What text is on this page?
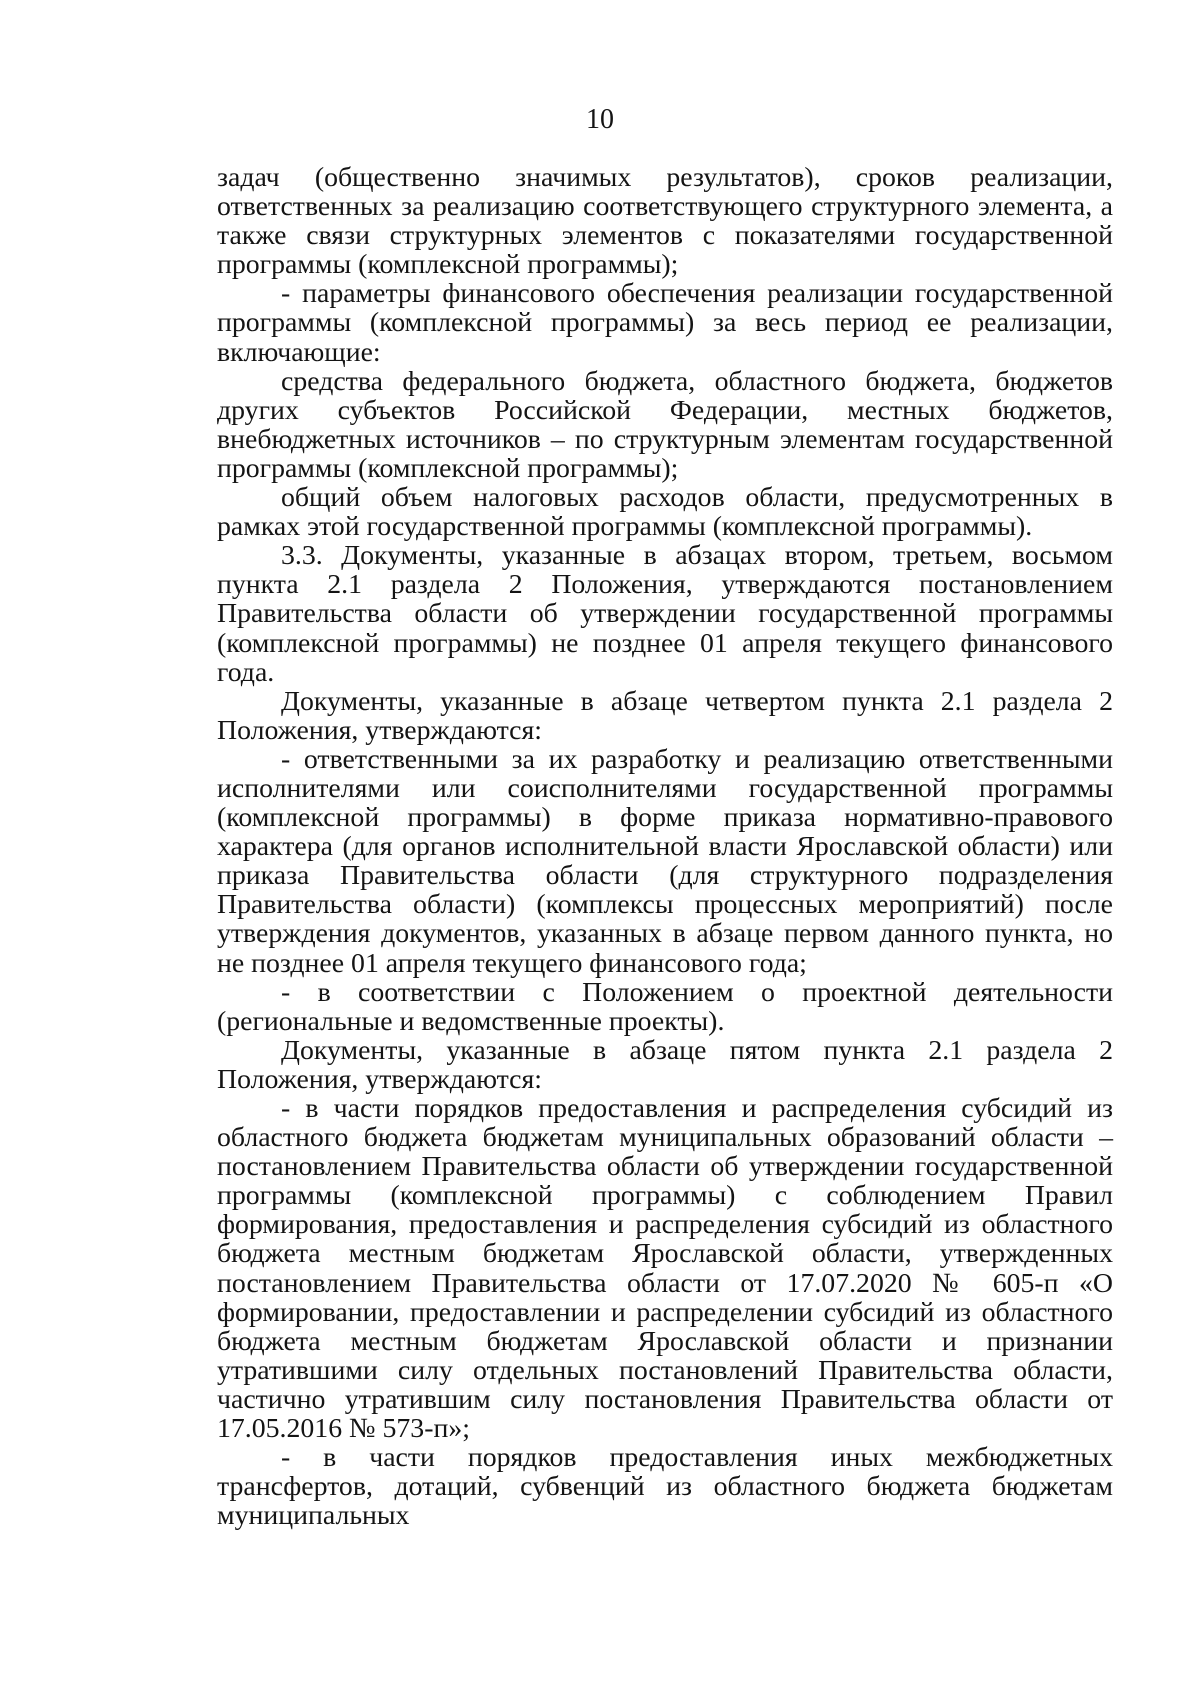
10

задач (общественно значимых результатов), сроков реализации, ответственных за реализацию соответствующего структурного элемента, а также связи структурных элементов с показателями государственной программы (комплексной программы);

- параметры финансового обеспечения реализации государственной программы (комплексной программы) за весь период ее реализации, включающие:

средства федерального бюджета, областного бюджета, бюджетов других субъектов Российской Федерации, местных бюджетов, внебюджетных источников – по структурным элементам государственной программы (комплексной программы);

общий объем налоговых расходов области, предусмотренных в рамках этой государственной программы (комплексной программы).

3.3. Документы, указанные в абзацах втором, третьем, восьмом пункта 2.1 раздела 2 Положения, утверждаются постановлением Правительства области об утверждении государственной программы (комплексной программы) не позднее 01 апреля текущего финансового года.

Документы, указанные в абзаце четвертом пункта 2.1 раздела 2 Положения, утверждаются:

- ответственными за их разработку и реализацию ответственными исполнителями или соисполнителями государственной программы (комплексной программы) в форме приказа нормативно-правового характера (для органов исполнительной власти Ярославской области) или приказа Правительства области (для структурного подразделения Правительства области) (комплексы процессных мероприятий) после утверждения документов, указанных в абзаце первом данного пункта, но не позднее 01 апреля текущего финансового года;

- в соответствии с Положением о проектной деятельности (региональные и ведомственные проекты).

Документы, указанные в абзаце пятом пункта 2.1 раздела 2 Положения, утверждаются:

- в части порядков предоставления и распределения субсидий из областного бюджета бюджетам муниципальных образований области – постановлением Правительства области об утверждении государственной программы (комплексной программы) с соблюдением Правил формирования, предоставления и распределения субсидий из областного бюджета местным бюджетам Ярославской области, утвержденных постановлением Правительства области от 17.07.2020 № 605-п «О формировании, предоставлении и распределении субсидий из областного бюджета местным бюджетам Ярославской области и признании утратившими силу отдельных постановлений Правительства области, частично утратившим силу постановления Правительства области от 17.05.2016 № 573-п»;

- в части порядков предоставления иных межбюджетных трансфертов, дотаций, субвенций из областного бюджета бюджетам муниципальных
